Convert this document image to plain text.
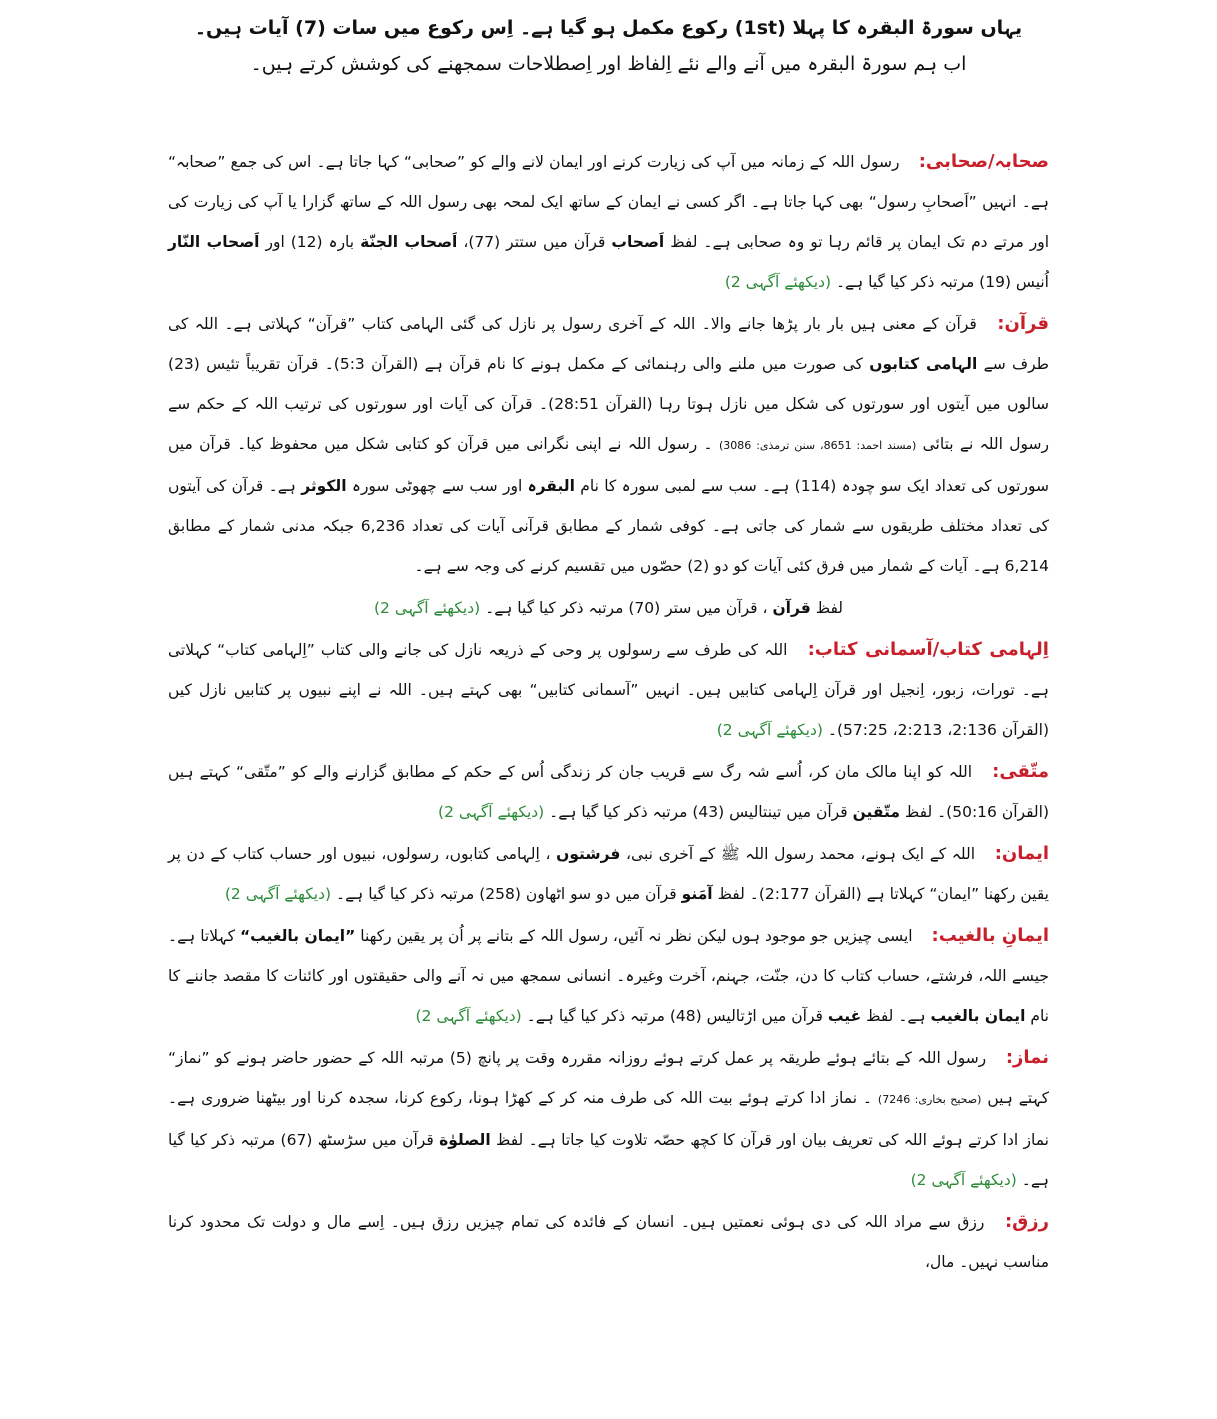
یہاں سورۃ البقرہ کا پہلا (1st) رکوع مکمل ہو گیا ہے۔ اِس رکوع میں سات (7) آیات ہیں۔
اب ہم سورۃ البقرہ میں آنے والے نئے اِلفاظ اور اِصطلاحات سمجھنے کی کوشش کرتے ہیں۔

صحابہ/صحابی: رسول اللہ کے زمانہ میں آپ کی زیارت کرنے اور ایمان لانے والے کو ”صحابی“ کہا جاتا ہے۔ اس کی جمع ”صحابہ“ ہے۔ انہیں ”اَصحابِ رسول“ بھی کہا جاتا ہے۔ اگر کسی نے ایمان کے ساتھ ایک لمحہ بھی رسول اللہ کے ساتھ گزارا یا آپ کی زیارت کی اور مرتے دم تک ایمان پر قائم رہا تو وہ صحابی ہے۔ لفظ اَصحاب قرآن میں ستتر (77)، اَصحاب الجنّة بارہ (12) اور اَصحاب النّار اُنیس (19) مرتبہ ذکر کیا گیا ہے۔ (دیکھئے آگہی 2)

قرآن: قرآن کے معنی ہیں بار بار پڑھا جانے والا۔ اللہ کے آخری رسول پر نازل کی گئی الہامی کتاب ”قرآن“ کہلاتی ہے۔ اللہ کی طرف سے الہامی کتابوں کی صورت میں ملنے والی رہنمائی کے مکمل ہونے کا نام قرآن ہے (القرآن 5:3)۔ قرآن تقریباً تئیس (23) سالوں میں آیتوں اور سورتوں کی شکل میں نازل ہوتا رہا (القرآن 28:51)۔ قرآن کی آیات اور سورتوں کی ترتیب اللہ کے حکم سے رسول اللہ نے بتائی (مسند احمد: 8651، سنن ترمذی: 3086) ۔ رسول اللہ نے اپنی نگرانی میں قرآن کو کتابی شکل میں محفوظ کیا۔ قرآن میں سورتوں کی تعداد ایک سو چودہ (114) ہے۔ سب سے لمبی سورہ کا نام البقرہ اور سب سے چھوٹی سورہ الکوثر ہے۔ قرآن کی آیتوں کی تعداد مختلف طریقوں سے شمار کی جاتی ہے۔ کوفی شمار کے مطابق قرآنی آیات کی تعداد 6,236 جبکہ مدنی شمار کے مطابق 6,214 ہے۔ آیات کے شمار میں فرق کئی آیات کو دو (2) حصّوں میں تقسیم کرنے کی وجہ سے ہے۔

لفظ قرآن ، قرآن میں ستر (70) مرتبہ ذکر کیا گیا ہے۔ (دیکھئے آگہی 2)

اِلہامی کتاب/آسمانی کتاب: اللہ کی طرف سے رسولوں پر وحی کے ذریعہ نازل کی جانے والی کتاب ”اِلہامی کتاب“ کہلاتی ہے۔ تورات، زبور، اِنجیل اور قرآن اِلہامی کتابیں ہیں۔ انہیں ”آسمانی کتابیں“ بھی کہتے ہیں۔ اللہ نے اپنے نبیوں پر کتابیں نازل کیں (القرآن 2:136، 2:213، 57:25)۔ (دیکھئے آگہی 2)

متّقی: اللہ کو اپنا مالک مان کر، اُسے شہ رگ سے قریب جان کر زندگی اُس کے حکم کے مطابق گزارنے والے کو ”متّقی“ کہتے ہیں (القرآن 50:16)۔ لفظ متّقین قرآن میں تینتالیس (43) مرتبہ ذکر کیا گیا ہے۔ (دیکھئے آگہی 2)

ایمان: اللہ کے ایک ہونے، محمد رسول اللہ ﷺ کے آخری نبی، فرشتوں ، اِلہامی کتابوں، رسولوں، نبیوں اور حساب کتاب کے دن پر یقین رکھنا ”ایمان“ کہلاتا ہے (القرآن 2:177)۔ لفظ آمَنو قرآن میں دو سو اٹھاون (258) مرتبہ ذکر کیا گیا ہے۔ (دیکھئے آگہی 2)

ایمانِ بالغیب: ایسی چیزیں جو موجود ہوں لیکن نظر نہ آئیں، رسول اللہ کے بتانے پر اُن پر یقین رکھنا ”ایمان بالغیب“ کہلاتا ہے۔ جیسے اللہ، فرشتے، حساب کتاب کا دن، جنّت، جہنم، آخرت وغیرہ۔ انسانی سمجھ میں نہ آنے والی حقیقتوں اور کائنات کا مقصد جاننے کا نام ایمان بالغیب ہے۔ لفظ غیب قرآن میں اڑتالیس (48) مرتبہ ذکر کیا گیا ہے۔ (دیکھئے آگہی 2)

نماز: رسول اللہ کے بتائے ہوئے طریقہ پر عمل کرتے ہوئے روزانہ مقررہ وقت پر پانچ (5) مرتبہ اللہ کے حضور حاضر ہونے کو ”نماز“ کہتے ہیں (صحیح بخاری: 7246) ۔ نماز ادا کرتے ہوئے بیت اللہ کی طرف منہ کر کے کھڑا ہونا، رکوع کرنا، سجدہ کرنا اور بیٹھنا ضروری ہے۔ نماز ادا کرتے ہوئے اللہ کی تعریف بیان اور قرآن کا کچھ حصّہ تلاوت کیا جاتا ہے۔ لفظ الصلوٰة قرآن میں سڑسٹھ (67) مرتبہ ذکر کیا گیا ہے۔ (دیکھئے آگہی 2)

رزق: رزق سے مراد اللہ کی دی ہوئی نعمتیں ہیں۔ انسان کے فائدہ کی تمام چیزیں رزق ہیں۔ اِسے مال و دولت تک محدود کرنا مناسب نہیں۔ مال،
